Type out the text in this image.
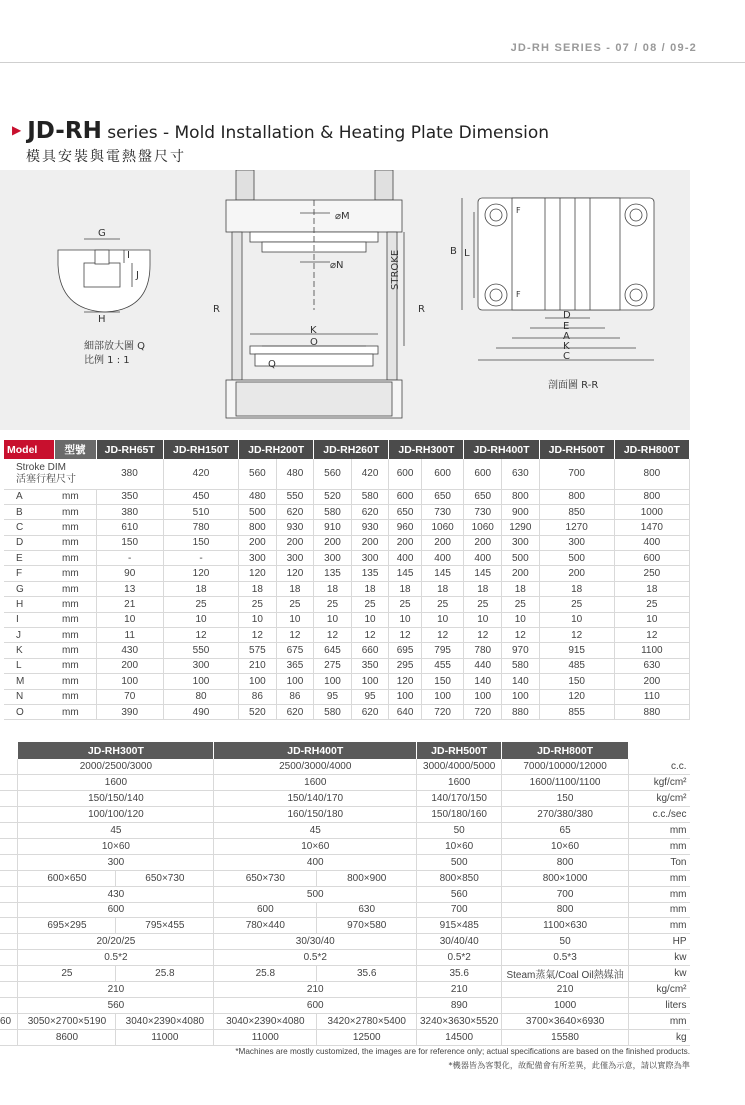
JD-RH SERIES - 07 / 08 / 09-2
▶ JD-RH series - Mold Installation & Heating Plate Dimension
模具安裝與電熱盤尺寸
G
H
I
J
細部放大圖 Q
比例 1 : 1
⌀M
⌀N
R	R
STROKE
K
O
Q
B L
F
F
D
E
A
K
C
剖面圖 R-R
Model	型號	JD-RH65T	JD-RH150T	JD-RH200T		JD-RH260T		JD-RH300T		JD-RH400T		JD-RH500T	JD-RH800T

Stroke DIM
活塞行程尺寸		380	420	560	480	560	420	600	600	600	630	700	800
A	mm	350	450	480	550	520	580	600	650	650	800	800	800
B	mm	380	510	500	620	580	620	650	730	730	900	850	1000
C	mm	610	780	800	930	910	930	960	1060	1060	1290	1270	1470
D	mm	150	150	200	200	200	200	200	200	200	300	300	400
E	mm	-	-	300	300	300	300	400	400	400	500	500	600
F	mm	90	120	120	120	135	135	145	145	145	200	200	250
G	mm	13	18	18	18	18	18	18	18	18	18	18	18
H	mm	21	25	25	25	25	25	25	25	25	25	25	25
I	mm	10	10	10	10	10	10	10	10	10	10	10	10
J	mm	11	12	12	12	12	12	12	12	12	12	12	12
K	mm	430	550	575	675	645	660	695	795	780	970	915	1100
L	mm	200	300	210	365	275	350	295	455	440	580	485	630
M	mm	100	100	100	100	100	100	120	150	140	140	150	200
N	mm	70	80	86	86	95	95	100	100	100	100	120	110
O	mm	390	490	520	620	580	620	640	720	720	880	855	880
	JD-RH300T		JD-RH400T		JD-RH500T	JD-RH800T	
	2000/2500/3000		2500/3000/4000		3000/4000/5000	7000/10000/12000	c.c.
	1600		1600		1600	1600/1100/1100	kgf/cm²
	150/150/140		150/140/170		140/170/150	150	kg/cm²
	100/100/120		160/150/180		150/180/160	270/380/380	c.c./sec
	45		45		50	65	mm
	10×60		10×60		10×60	10×60	mm
	300		400		500	800	Ton
	600×650	650×730	650×730	800×900	800×850	800×1000	mm
	430		500		560	700	mm
	600		600	630	700	800	mm
	695×295	795×455	780×440	970×580	915×485	1100×630	mm
	20/20/25		30/30/40		30/40/40	50	HP
	0.5*2		0.5*2		0.5*2	0.5*3	kw
	25	25.8	25.8	35.6	35.6	Steam蒸氣/Coal Oil熱媒油	kw
	210		210		210	210	kg/cm²
	560		600		890	1000	liters
60	3050×2700×5190	3040×2390×4080	3040×2390×4080	3420×2780×5400	3240×3630×5520	3700×3640×6930	mm
	8600	11000	11000	12500	14500	15580	kg
*Machines are mostly customized, the images are for reference only; actual specifications are based on the finished products.
*機器皆為客製化，故配備會有所差異，此僅為示意，請以實際為準
